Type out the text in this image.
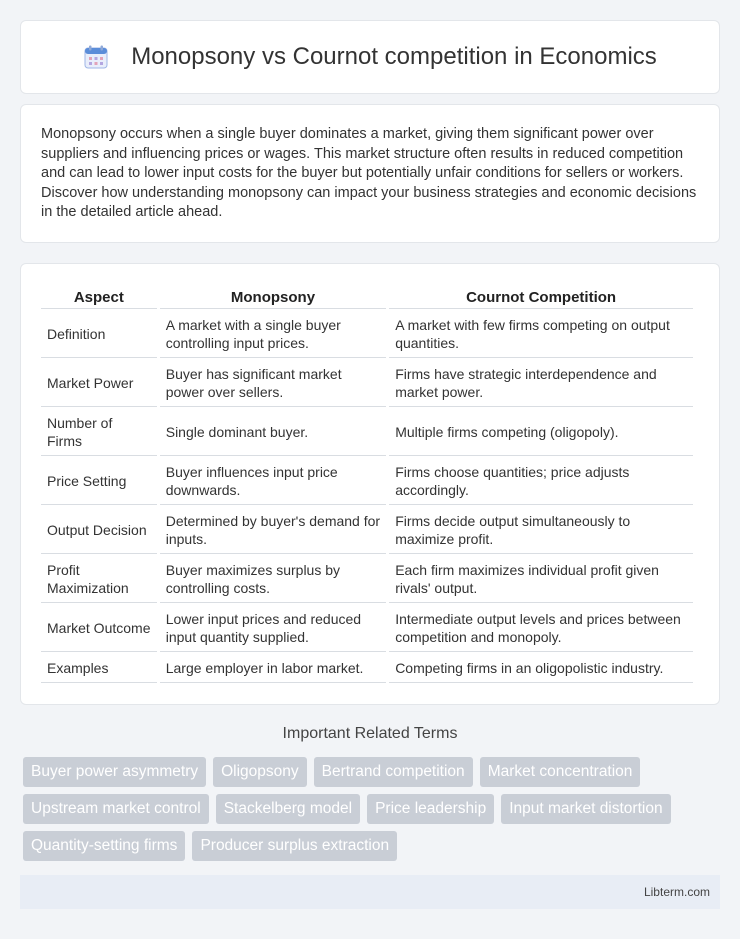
Monopsony vs Cournot competition in Economics

Monopsony occurs when a single buyer dominates a market, giving them significant power over suppliers and influencing prices or wages. This market structure often results in reduced competition and can lead to lower input costs for the buyer but potentially unfair conditions for sellers or workers. Discover how understanding monopsony can impact your business strategies and economic decisions in the detailed article ahead.

Aspect	Monopsony	Cournot Competition
Definition	A market with a single buyer controlling input prices.	A market with few firms competing on output quantities.
Market Power	Buyer has significant market power over sellers.	Firms have strategic interdependence and market power.
Number of Firms	Single dominant buyer.	Multiple firms competing (oligopoly).
Price Setting	Buyer influences input price downwards.	Firms choose quantities; price adjusts accordingly.
Output Decision	Determined by buyer's demand for inputs.	Firms decide output simultaneously to maximize profit.
Profit Maximization	Buyer maximizes surplus by controlling costs.	Each firm maximizes individual profit given rivals' output.
Market Outcome	Lower input prices and reduced input quantity supplied.	Intermediate output levels and prices between competition and monopoly.
Examples	Large employer in labor market.	Competing firms in an oligopolistic industry.
Important Related Terms
Buyer power asymmetry	Oligopsony	Bertrand competition	Market concentration
Upstream market control	Stackelberg model	Price leadership	Input market distortion
Quantity-setting firms	Producer surplus extraction
Libterm.com
